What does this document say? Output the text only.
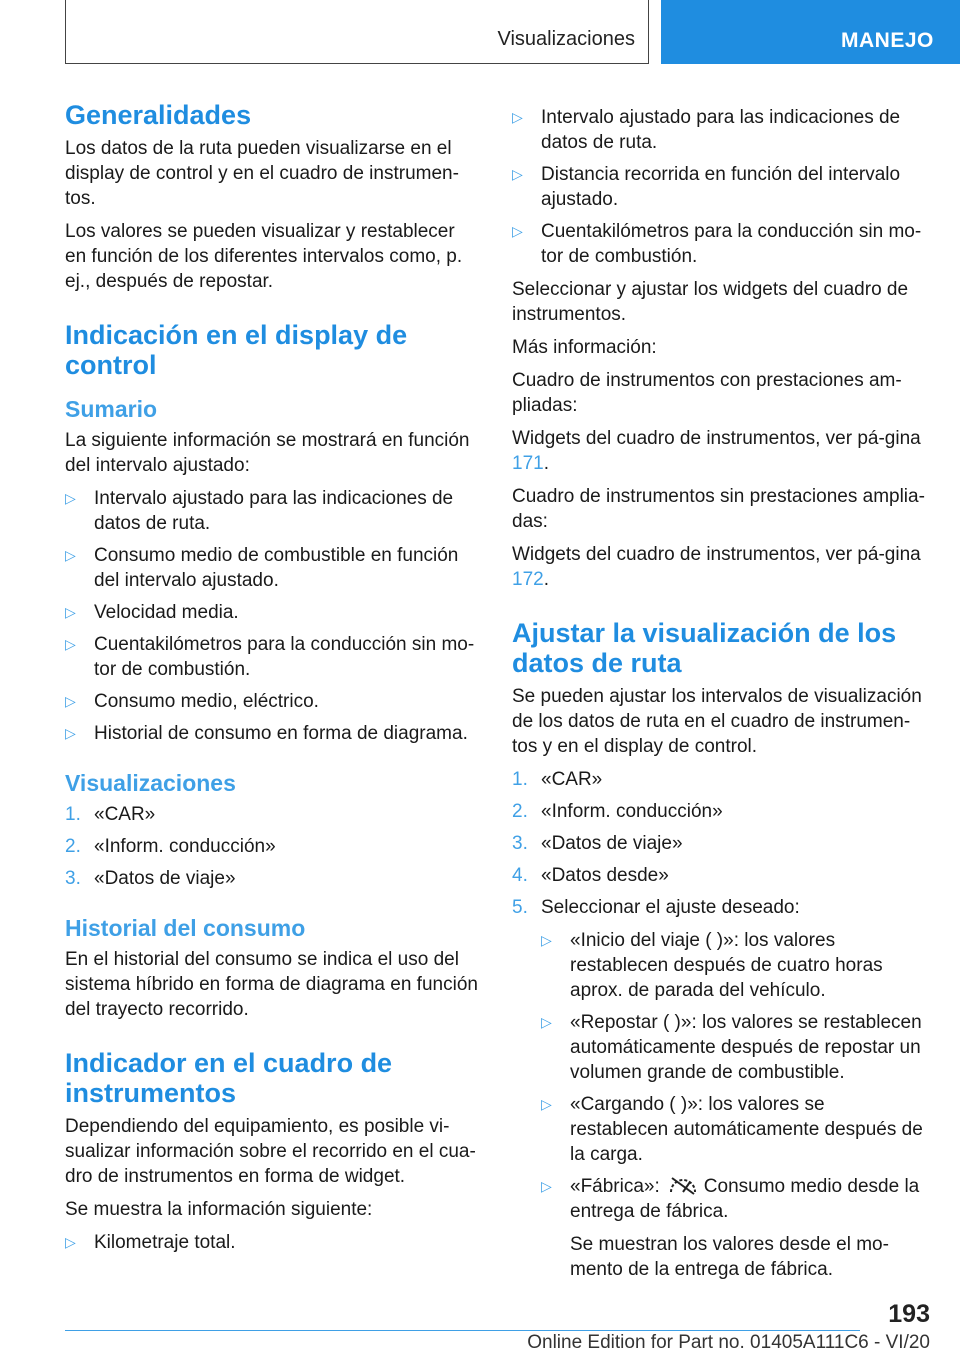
Visualizaciones	MANEJO
Generalidades

Los datos de la ruta pueden visualizarse en el display de control y en el cuadro de instrumen-tos.

Los valores se pueden visualizar y restablecer en función de los diferentes intervalos como, p. ej., después de repostar.

Indicación en el display de control
Sumario

La siguiente información se mostrará en función del intervalo ajustado:

▷ Intervalo ajustado para las indicaciones de datos de ruta.
▷ Consumo medio de combustible en función del intervalo ajustado.
▷ Velocidad media.
▷ Cuentakilómetros para la conducción sin mo-tor de combustión.
▷ Consumo medio, eléctrico.
▷ Historial de consumo en forma de diagrama.
Visualizaciones
1. «CAR»
2. «Inform. conducción»
3. «Datos de viaje»
Historial del consumo

En el historial del consumo se indica el uso del sistema híbrido en forma de diagrama en función del trayecto recorrido.

Indicador en el cuadro de instrumentos

Dependiendo del equipamiento, es posible vi-sualizar información sobre el recorrido en el cua-dro de instrumentos en forma de widget.

Se muestra la información siguiente:

▷ Kilometraje total.
▷ Intervalo ajustado para las indicaciones de datos de ruta.
▷ Distancia recorrida en función del intervalo ajustado.
▷ Cuentakilómetros para la conducción sin mo-tor de combustión.

Seleccionar y ajustar los widgets del cuadro de instrumentos.

Más información:

Cuadro de instrumentos con prestaciones am-pliadas:

Widgets del cuadro de instrumentos, ver pá-gina 171.

Cuadro de instrumentos sin prestaciones amplia-das:

Widgets del cuadro de instrumentos, ver pá-gina 172.

Ajustar la visualización de los datos de ruta

Se pueden ajustar los intervalos de visualización de los datos de ruta en el cuadro de instrumen-tos y en el display de control.

1. «CAR»
2. «Inform. conducción»
3. «Datos de viaje»
4. «Datos desde»
5. Seleccionar el ajuste deseado:
▷ «Inicio del viaje ( )»: los valores restablecen después de cuatro horas aprox. de parada del vehículo.
▷ «Repostar ( )»: los valores se restablecen automáticamente después de repostar un volumen grande de combustible.
▷ «Cargando ( )»: los valores se restablecen automáticamente después de la carga.
▷ «Fábrica»: Consumo medio desde la entrega de fábrica.

Se muestran los valores desde el mo-mento de la entrega de fábrica.

193
Online Edition for Part no. 01405A111C6 - VI/20
